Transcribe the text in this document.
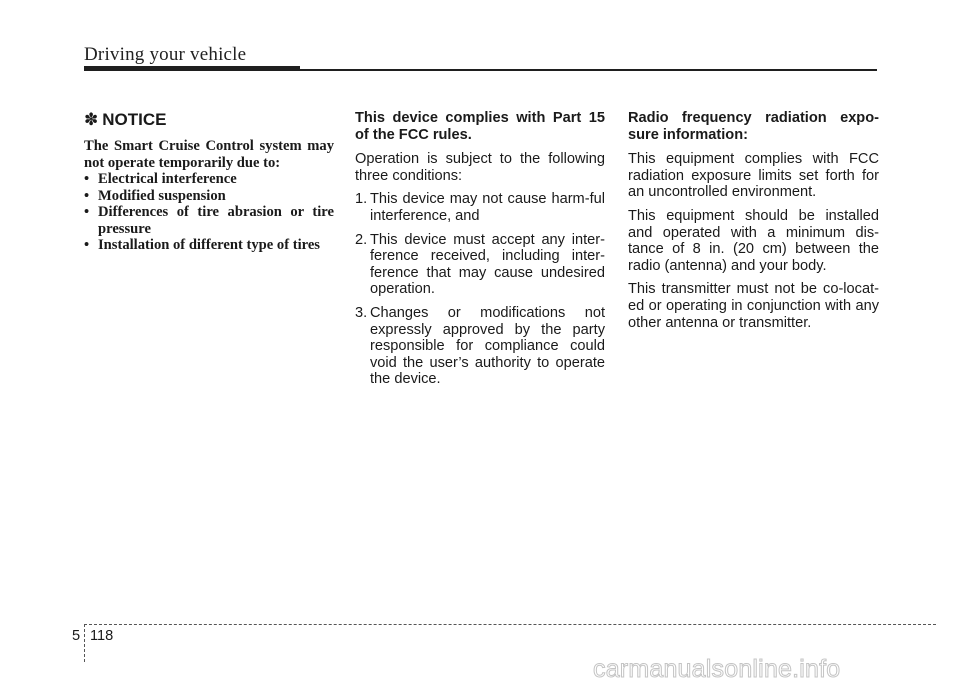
Driving your vehicle
✽ NOTICE

The Smart Cruise Control system may not operate temporarily due to:

• Electrical interference
• Modified suspension
• Differences of tire abrasion or tire pressure
• Installation of different type of tires

This device complies with Part 15 of the FCC rules.

Operation is subject to the following three conditions:

1. This device may not cause harm-ful interference, and
2. This device must accept any inter-ference received, including inter-ference that may cause undesired operation.
3. Changes or modifications not expressly approved by the party responsible for compliance could void the user’s authority to operate the device.

Radio frequency radiation expo-sure information:

This equipment complies with FCC radiation exposure limits set forth for an uncontrolled environment.

This equipment should be installed and operated with a minimum dis-tance of 8 in. (20 cm) between the radio (antenna) and your body.

This transmitter must not be co-locat-ed or operating in conjunction with any other antenna or transmitter.

5 118
carmanualsonline.info
